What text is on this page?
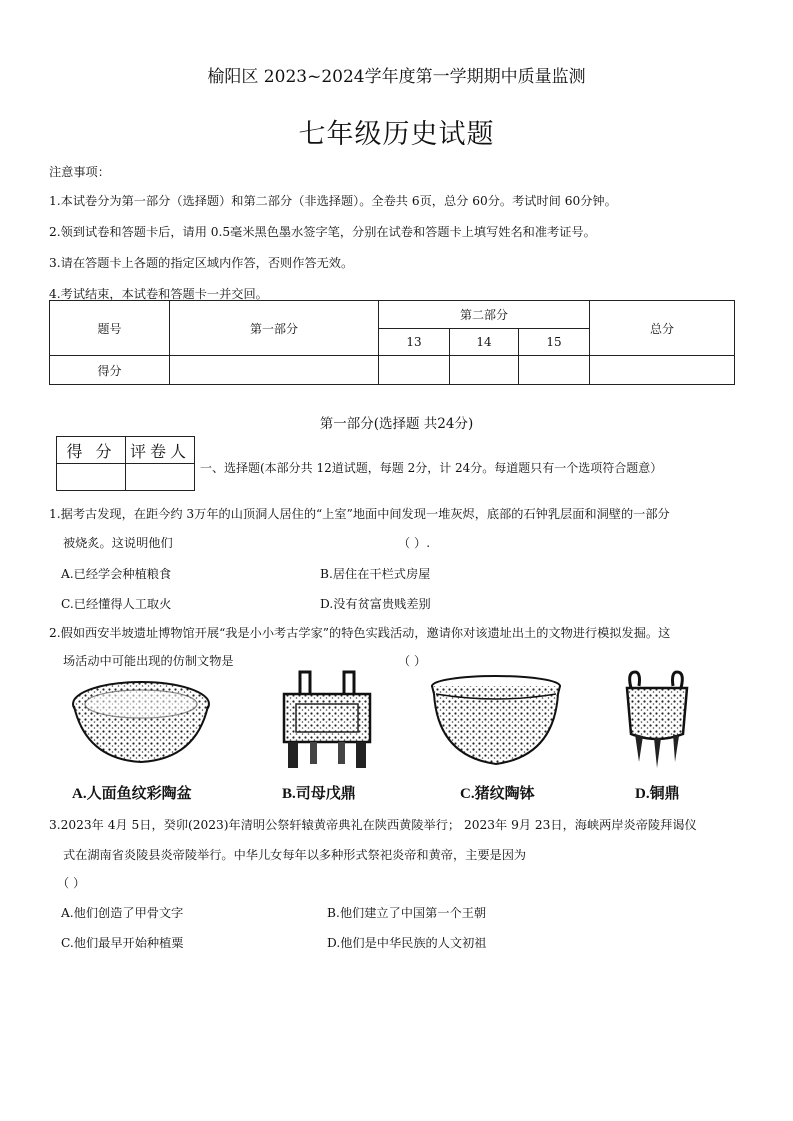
榆阳区 2023~2024学年度第一学期期中质量监测
七年级历史试题
注意事项：
1.本试卷分为第一部分（选择题）和第二部分（非选择题）。全卷共 6页，总分 60分。考试时间 60分钟。
2.领到试卷和答题卡后，请用 0.5毫米黑色墨水签字笔，分别在试卷和答题卡上填写姓名和准考证号。
3.请在答题卡上各题的指定区域内作答，否则作答无效。
4.考试结束，本试卷和答题卡一并交回。
题号	第一部分	第二部分			总分
		13	14	15	
得分					
第一部分(选择题 共24分)
得 分	评卷人

一、选择题(本部分共 12道试题，每题 2分，计 24分。每道题只有一个选项符合题意）
1.据考古发现，在距今约 3万年的山顶洞人居住的“上室”地面中间发现一堆灰烬，底部的石钟乳层面和洞壁的一部分
被烧炙。这说明他们	（ ）.
A.已经学会种植粮食	B.居住在干栏式房屋
C.已经懂得人工取火	D.没有贫富贵贱差别
2.假如西安半坡遗址博物馆开展“我是小小考古学家”的特色实践活动，邀请你对该遗址出土的文物进行模拟发掘。这
场活动中可能出现的仿制文物是	（ ）
A.人面鱼纹彩陶盆	B.司母戊鼎	C.猪纹陶钵	D.铜鼎
3.2023年 4月 5日，癸卯(2023)年清明公祭轩辕黄帝典礼在陕西黄陵举行； 2023年 9月 23日，海峡两岸炎帝陵拜谒仪
式在湖南省炎陵县炎帝陵举行。中华儿女每年以多种形式祭祀炎帝和黄帝，主要是因为
（ ）
A.他们创造了甲骨文字	B.他们建立了中国第一个王朝
C.他们最早开始种植粟	D.他们是中华民族的人文初祖
